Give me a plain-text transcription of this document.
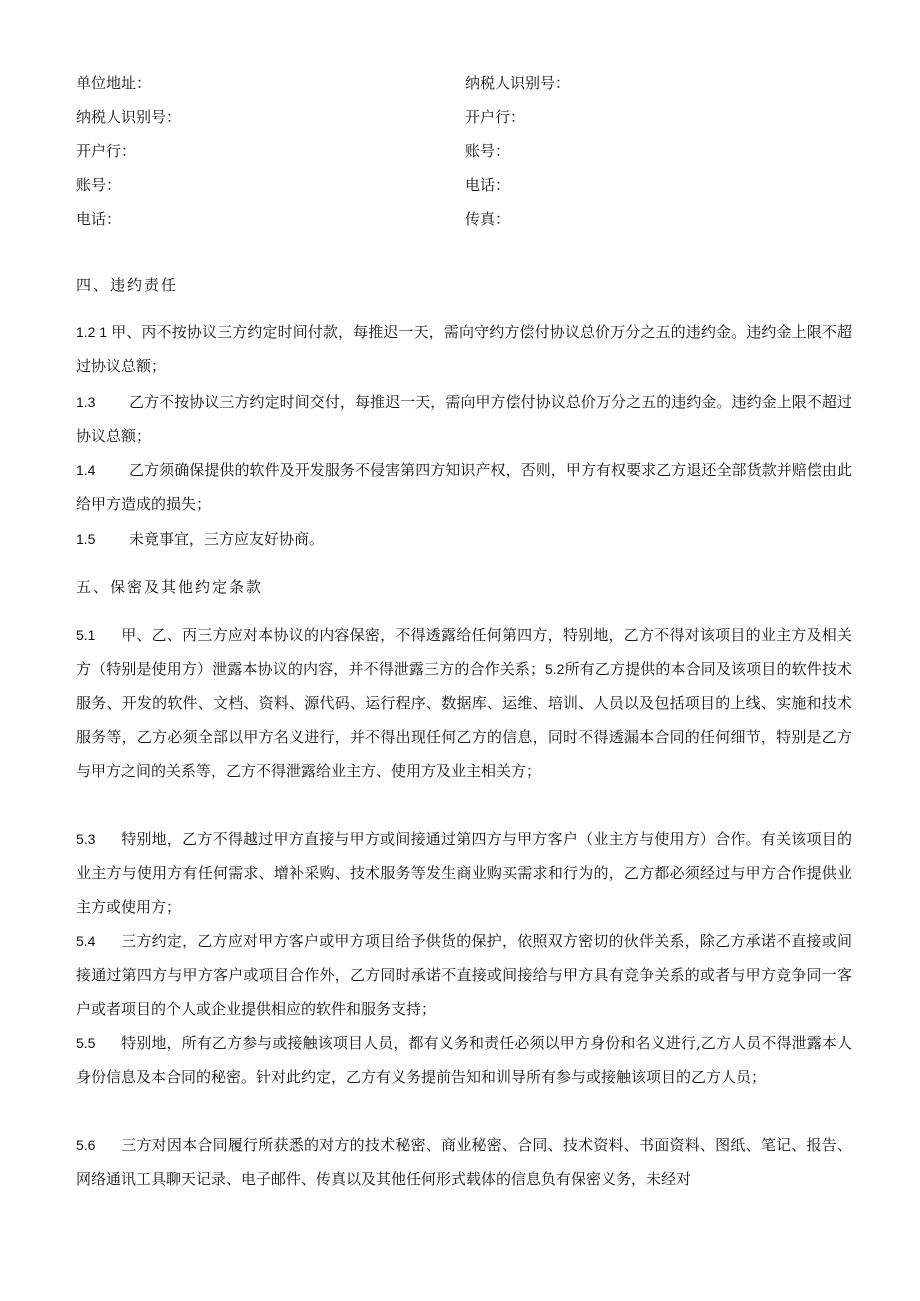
单位地址：	纳税人识别号：
纳税人识别号：	开户行：
开户行：	账号：
账号：	电话：
电话：	传真：
四、违约责任
1.2 1 甲、丙不按协议三方约定时间付款，每推迟一天，需向守约方偿付协议总价万分之五的违约金。违约金上限不超过协议总额；
1.3 乙方不按协议三方约定时间交付，每推迟一天，需向甲方偿付协议总价万分之五的违约金。违约金上限不超过协议总额；
1.4 乙方须确保提供的软件及开发服务不侵害第四方知识产权，否则，甲方有权要求乙方退还全部货款并赔偿由此给甲方造成的损失；
1.5 未竟事宜，三方应友好协商。
五、保密及其他约定条款
5.1 甲、乙、丙三方应对本协议的内容保密，不得透露给任何第四方，特别地，乙方不得对该项目的业主方及相关方（特别是使用方）泄露本协议的内容，并不得泄露三方的合作关系；5.2所有乙方提供的本合同及该项目的软件技术服务、开发的软件、文档、资料、源代码、运行程序、数据库、运维、培训、人员以及包括项目的上线、实施和技术服务等，乙方必须全部以甲方名义进行，并不得出现任何乙方的信息，同时不得透漏本合同的任何细节，特别是乙方与甲方之间的关系等，乙方不得泄露给业主方、使用方及业主相关方；
5.3 特别地，乙方不得越过甲方直接与甲方或间接通过第四方与甲方客户（业主方与使用方）合作。有关该项目的业主方与使用方有任何需求、增补采购、技术服务等发生商业购买需求和行为的，乙方都必须经过与甲方合作提供业主方或使用方；
5.4 三方约定，乙方应对甲方客户或甲方项目给予供货的保护，依照双方密切的伙伴关系，除乙方承诺不直接或间接通过第四方与甲方客户或项目合作外，乙方同时承诺不直接或间接给与甲方具有竞争关系的或者与甲方竞争同一客户或者项目的个人或企业提供相应的软件和服务支持；
5.5 特别地，所有乙方参与或接触该项目人员，都有义务和责任必须以甲方身份和名义进行,乙方人员不得泄露本人身份信息及本合同的秘密。针对此约定，乙方有义务提前告知和训导所有参与或接触该项目的乙方人员；
5.6 三方对因本合同履行所获悉的对方的技术秘密、商业秘密、合同、技术资料、书面资料、图纸、笔记、报告、网络通讯工具聊天记录、电子邮件、传真以及其他任何形式载体的信息负有保密义务，未经对
